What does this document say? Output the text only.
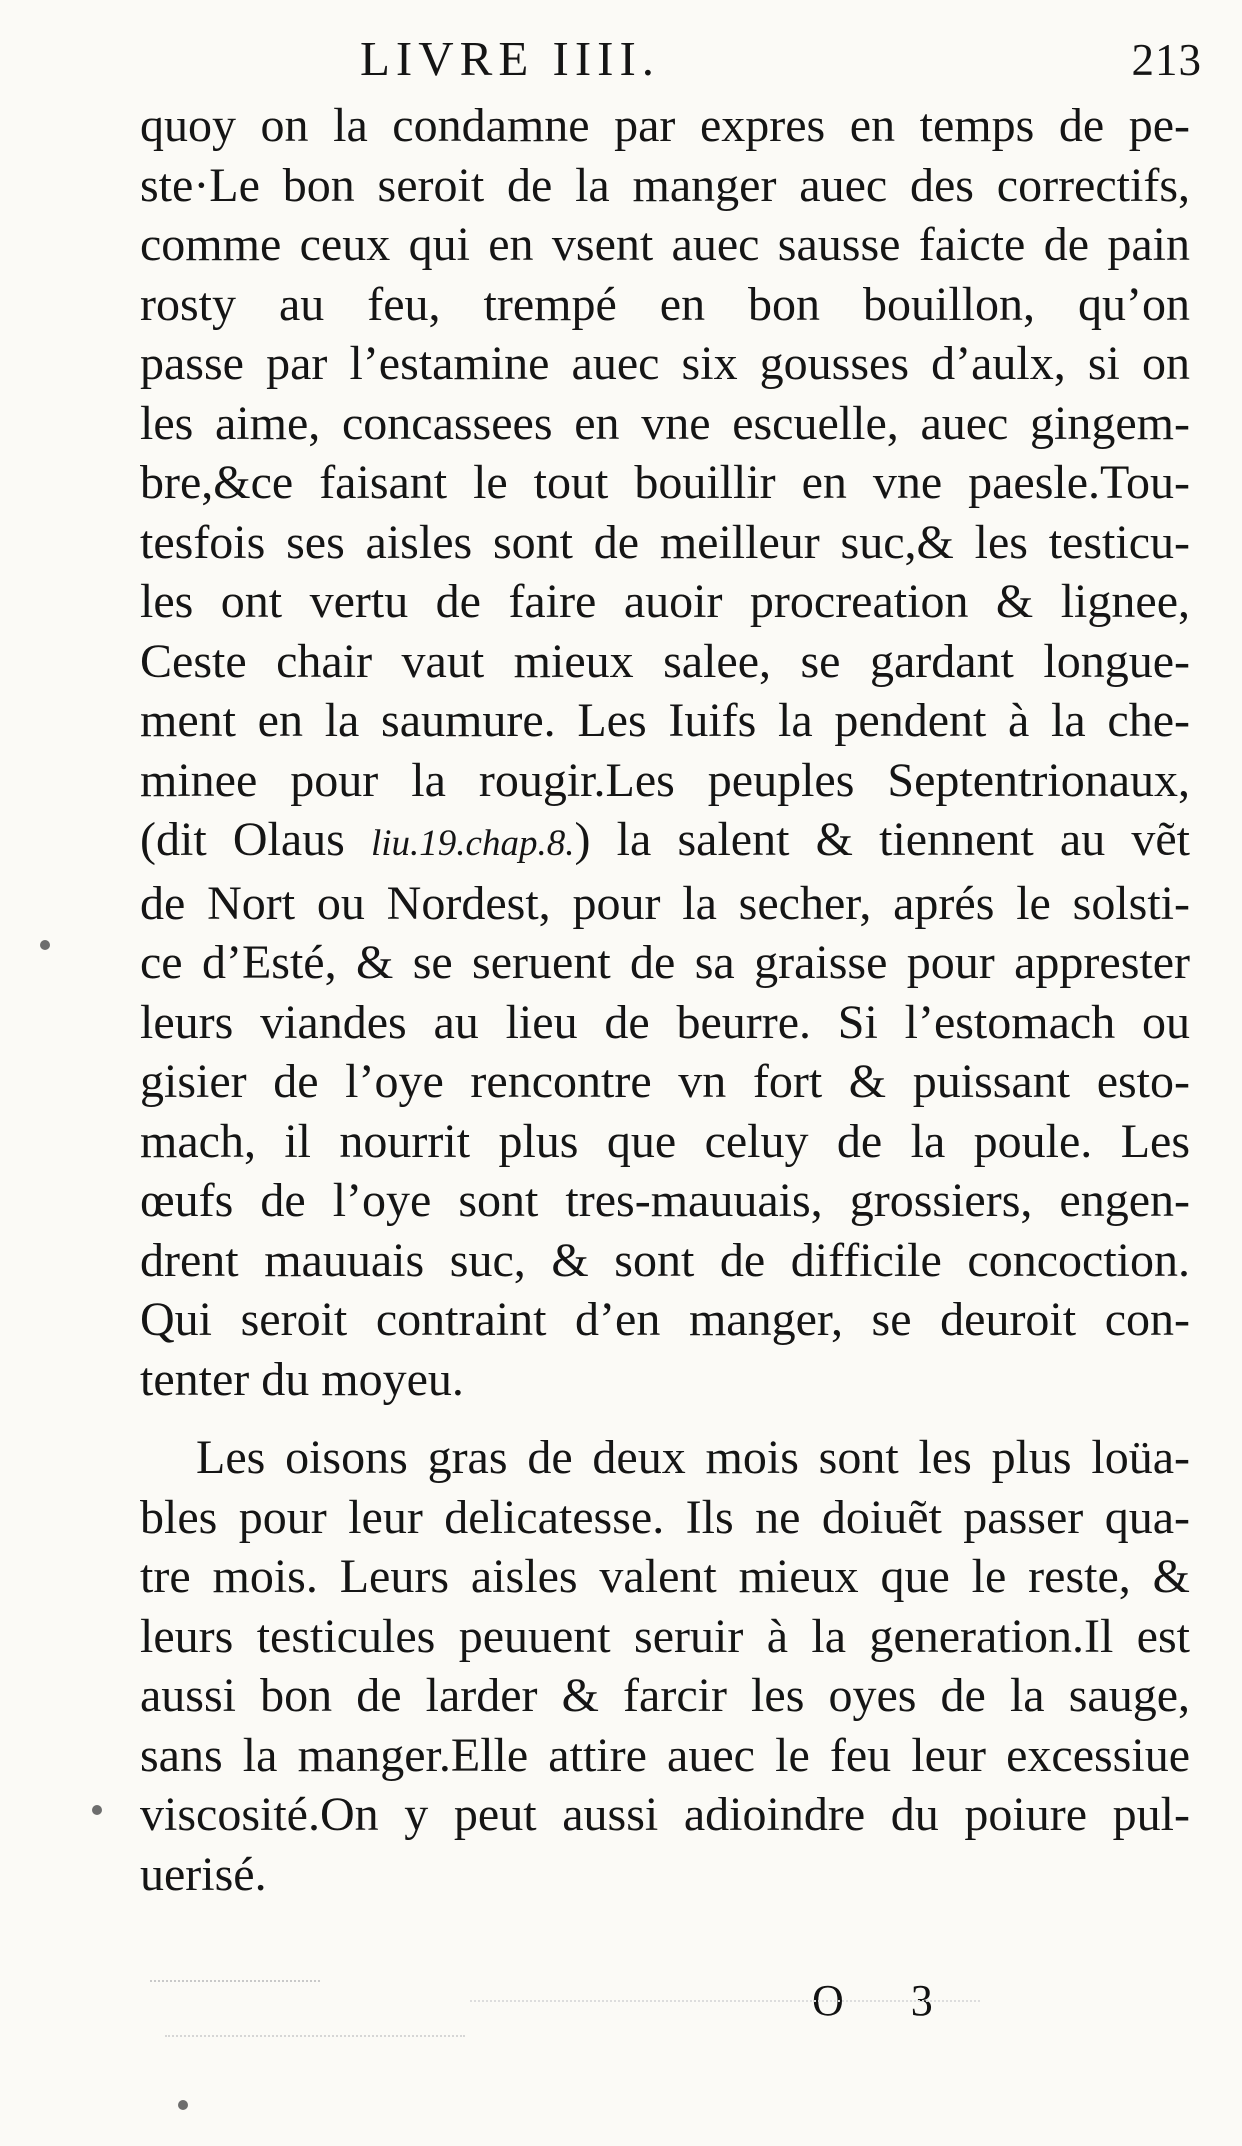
LIVRE IIII.	213
quoy on la condamne par expres en temps de pe-
ste·Le bon seroit de la manger auec des correctifs,
comme ceux qui en vsent auec sausse faicte de pain
rosty au feu, trempé en bon bouillon, qu’on
passe par l’estamine auec six gousses d’aulx, si on
les aime, concassees en vne escuelle, auec gingem-
bre,&ce faisant le tout bouillir en vne paesle.Tou-
tesfois ses aisles sont de meilleur suc,& les testicu-
les ont vertu de faire auoir procreation & lignee,
Ceste chair vaut mieux salee, se gardant longue-
ment en la saumure. Les Iuifs la pendent à la che-
minee pour la rougir.Les peuples Septentrionaux,
(dit Olaus liu.19.chap.8.) la salent & tiennent au vẽt
de Nort ou Nordest, pour la secher, aprés le solsti-
ce d’Esté, & se seruent de sa graisse pour apprester
leurs viandes au lieu de beurre. Si l’estomach ou
gisier de l’oye rencontre vn fort & puissant esto-
mach, il nourrit plus que celuy de la poule. Les
œufs de l’oye sont tres-mauuais, grossiers, engen-
drent mauuais suc, & sont de difficile concoction.
Qui seroit contraint d’en manger, se deuroit con-
tenter du moyeu.
Les oisons gras de deux mois sont les plus loüa-
bles pour leur delicatesse. Ils ne doiuẽt passer qua-
tre mois. Leurs aisles valent mieux que le reste, &
leurs testicules peuuent seruir à la generation.Il est
aussi bon de larder & farcir les oyes de la sauge,
sans la manger.Elle attire auec le feu leur excessiue
viscosité.On y peut aussi adioindre du poiure pul-
uerisé.
O 3
